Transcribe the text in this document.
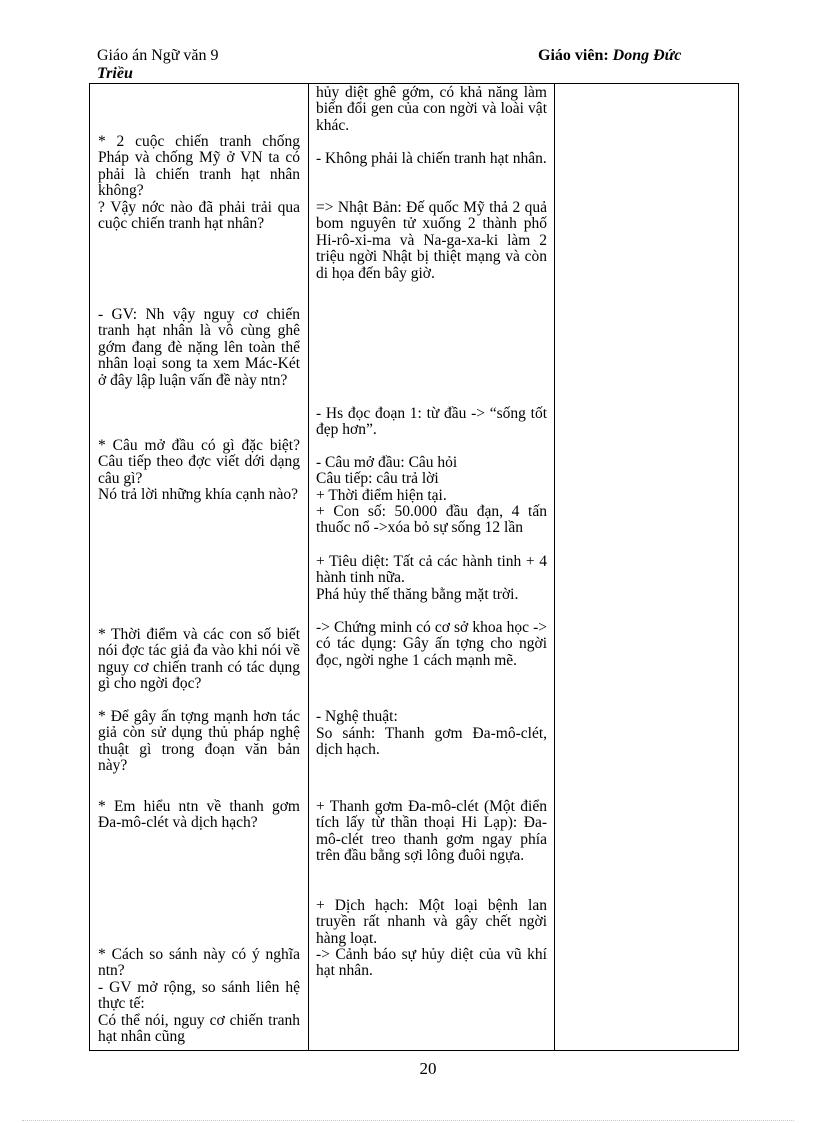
Giáo án Ngữ văn 9
Triều
Giáo viên: Dong Đức

* 2 cuộc chiến tranh chống Pháp và chống Mỹ ở VN ta có phải là chiến tranh hạt nhân không?

? Vậy nớc nào đã phải trải qua cuộc chiến tranh hạt nhân?

- GV: Nh vậy nguy cơ chiến tranh hạt nhân là vô cùng ghê gớm đang đè nặng lên toàn thể nhân loại song ta xem Mác-Két ở đây lập luận vấn đề này ntn?

* Câu mở đầu có gì đặc biệt? Câu tiếp theo đợc viết dới dạng câu gì?

Nó trả lời những khía cạnh nào?

* Thời điểm và các con số biết nói đợc tác giả đa vào khi nói về nguy cơ chiến tranh có tác dụng gì cho ngời đọc?

* Để gây ấn tợng mạnh hơn tác giả còn sử dụng thủ pháp nghệ thuật gì trong đoạn văn bản này?

* Em hiểu ntn về thanh gơm Đa-mô-clét và dịch hạch?

* Cách so sánh này có ý nghĩa ntn?

- GV mở rộng, so sánh liên hệ thực tế:

Có thể nói, nguy cơ chiến tranh hạt nhân cũng

hủy diệt ghê gớm, có khả năng làm biến đổi gen của con ngời và loài vật khác.

- Không phải là chiến tranh hạt nhân.

=> Nhật Bản: Đế quốc Mỹ thả 2 quả bom nguyên tử xuống 2 thành phố Hi-rô-xi-ma và Na-ga-xa-ki làm 2 triệu ngời Nhật bị thiệt mạng và còn di họa đến bây giờ.

- Hs đọc đoạn 1: từ đầu -> “sống tốt đẹp hơn”.

- Câu mở đầu: Câu hỏi

Câu tiếp: câu trả lời

+ Thời điểm hiện tại.

+ Con số: 50.000 đầu đạn, 4 tấn thuốc nổ ->xóa bỏ sự sống 12 lần

+ Tiêu diệt: Tất cả các hành tinh + 4 hành tinh nữa.

Phá hủy thế thăng bằng mặt trời.

-> Chứng minh có cơ sở khoa học -> có tác dụng: Gây ấn tợng cho ngời đọc, ngời nghe 1 cách mạnh mẽ.

- Nghệ thuật:

So sánh: Thanh gơm Đa-mô-clét, dịch hạch.

+ Thanh gơm Đa-mô-clét (Một điển tích lấy từ thần thoại Hi Lạp): Đa-mô-clét treo thanh gơm ngay phía trên đầu bằng sợi lông đuôi ngựa.

+ Dịch hạch: Một loại bệnh lan truyền rất nhanh và gây chết ngời hàng loạt.

-> Cảnh báo sự hủy diệt của vũ khí hạt nhân.

20
